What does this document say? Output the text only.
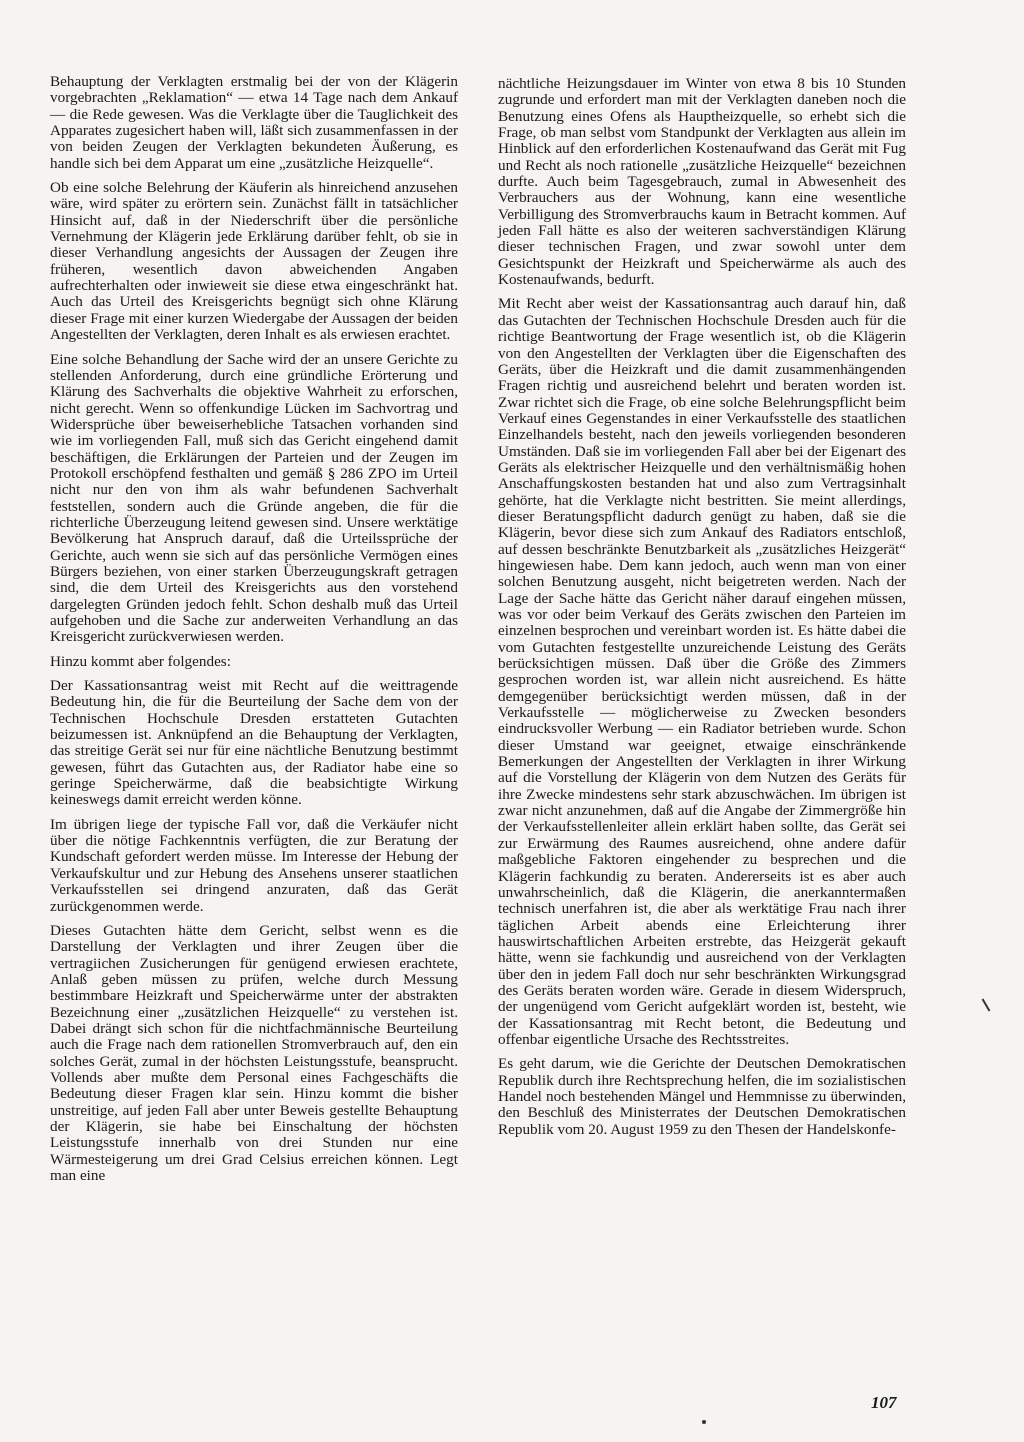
Behauptung der Verklagten erstmalig bei der von der Klägerin vorgebrachten „Reklamation“ — etwa 14 Tage nach dem Ankauf — die Rede gewesen. Was die Verklagte über die Tauglichkeit des Apparates zugesichert haben will, läßt sich zusammenfassen in der von beiden Zeugen der Verklagten bekundeten Äußerung, es handle sich bei dem Apparat um eine „zusätzliche Heizquelle“.

Ob eine solche Belehrung der Käuferin als hinreichend anzusehen wäre, wird später zu erörtern sein. Zunächst fällt in tatsächlicher Hinsicht auf, daß in der Niederschrift über die persönliche Vernehmung der Klägerin jede Erklärung darüber fehlt, ob sie in dieser Verhandlung angesichts der Aussagen der Zeugen ihre früheren, wesentlich davon abweichenden Angaben aufrechterhalten oder inwieweit sie diese etwa eingeschränkt hat. Auch das Urteil des Kreisgerichts begnügt sich ohne Klärung dieser Frage mit einer kurzen Wiedergabe der Aussagen der beiden Angestellten der Verklagten, deren Inhalt es als erwiesen erachtet.

Eine solche Behandlung der Sache wird der an unsere Gerichte zu stellenden Anforderung, durch eine gründliche Erörterung und Klärung des Sachverhalts die objektive Wahrheit zu erforschen, nicht gerecht. Wenn so offenkundige Lücken im Sachvortrag und Widersprüche über beweiserhebliche Tatsachen vorhanden sind wie im vorliegenden Fall, muß sich das Gericht eingehend damit beschäftigen, die Erklärungen der Parteien und der Zeugen im Protokoll erschöpfend festhalten und gemäß § 286 ZPO im Urteil nicht nur den von ihm als wahr befundenen Sachverhalt feststellen, sondern auch die Gründe angeben, die für die richterliche Überzeugung leitend gewesen sind. Unsere werktätige Bevölkerung hat Anspruch darauf, daß die Urteilssprüche der Gerichte, auch wenn sie sich auf das persönliche Vermögen eines Bürgers beziehen, von einer starken Überzeugungskraft getragen sind, die dem Urteil des Kreisgerichts aus den vorstehend dargelegten Gründen jedoch fehlt. Schon deshalb muß das Urteil aufgehoben und die Sache zur anderweiten Verhandlung an das Kreisgericht zurückverwiesen werden.

Hinzu kommt aber folgendes:

Der Kassationsantrag weist mit Recht auf die weittragende Bedeutung hin, die für die Beurteilung der Sache dem von der Technischen Hochschule Dresden erstatteten Gutachten beizumessen ist. Anknüpfend an die Behauptung der Verklagten, das streitige Gerät sei nur für eine nächtliche Benutzung bestimmt gewesen, führt das Gutachten aus, der Radiator habe eine so geringe Speicherwärme, daß die beabsichtigte Wirkung keineswegs damit erreicht werden könne.

Im übrigen liege der typische Fall vor, daß die Verkäufer nicht über die nötige Fachkenntnis verfügten, die zur Beratung der Kundschaft gefordert werden müsse. Im Interesse der Hebung der Verkaufskultur und zur Hebung des Ansehens unserer staatlichen Verkaufsstellen sei dringend anzuraten, daß das Gerät zurückgenommen werde.

Dieses Gutachten hätte dem Gericht, selbst wenn es die Darstellung der Verklagten und ihrer Zeugen über die vertragiichen Zusicherungen für genügend erwiesen erachtete, Anlaß geben müssen zu prüfen, welche durch Messung bestimmbare Heizkraft und Speicherwärme unter der abstrakten Bezeichnung einer „zusätzlichen Heizquelle“ zu verstehen ist. Dabei drängt sich schon für die nichtfachmännische Beurteilung auch die Frage nach dem rationellen Stromverbrauch auf, den ein solches Gerät, zumal in der höchsten Leistungsstufe, beansprucht. Vollends aber mußte dem Personal eines Fachgeschäfts die Bedeutung dieser Fragen klar sein. Hinzu kommt die bisher unstreitige, auf jeden Fall aber unter Beweis gestellte Behauptung der Klägerin, sie habe bei Einschaltung der höchsten Leistungsstufe innerhalb von drei Stunden nur eine Wärmesteigerung um drei Grad Celsius erreichen können. Legt man eine

nächtliche Heizungsdauer im Winter von etwa 8 bis 10 Stunden zugrunde und erfordert man mit der Verklagten daneben noch die Benutzung eines Ofens als Hauptheizquelle, so erhebt sich die Frage, ob man selbst vom Standpunkt der Verklagten aus allein im Hinblick auf den erforderlichen Kostenaufwand das Gerät mit Fug und Recht als noch rationelle „zusätzliche Heizquelle“ bezeichnen durfte. Auch beim Tagesgebrauch, zumal in Abwesenheit des Verbrauchers aus der Wohnung, kann eine wesentliche Verbilligung des Stromverbrauchs kaum in Betracht kommen. Auf jeden Fall hätte es also der weiteren sachverständigen Klärung dieser technischen Fragen, und zwar sowohl unter dem Gesichtspunkt der Heizkraft und Speicherwärme als auch des Kostenaufwands, bedurft.

Mit Recht aber weist der Kassationsantrag auch darauf hin, daß das Gutachten der Technischen Hochschule Dresden auch für die richtige Beantwortung der Frage wesentlich ist, ob die Klägerin von den Angestellten der Verklagten über die Eigenschaften des Geräts, über die Heizkraft und die damit zusammenhängenden Fragen richtig und ausreichend belehrt und beraten worden ist. Zwar richtet sich die Frage, ob eine solche Belehrungspflicht beim Verkauf eines Gegenstandes in einer Verkaufsstelle des staatlichen Einzelhandels besteht, nach den jeweils vorliegenden besonderen Umständen. Daß sie im vorliegenden Fall aber bei der Eigenart des Geräts als elektrischer Heizquelle und den verhältnismäßig hohen Anschaffungskosten bestanden hat und also zum Vertragsinhalt gehörte, hat die Verklagte nicht bestritten. Sie meint allerdings, dieser Beratungspflicht dadurch genügt zu haben, daß sie die Klägerin, bevor diese sich zum Ankauf des Radiators entschloß, auf dessen beschränkte Benutzbarkeit als „zusätzliches Heizgerät“ hingewiesen habe. Dem kann jedoch, auch wenn man von einer solchen Benutzung ausgeht, nicht beigetreten werden. Nach der Lage der Sache hätte das Gericht näher darauf eingehen müssen, was vor oder beim Verkauf des Geräts zwischen den Parteien im einzelnen besprochen und vereinbart worden ist. Es hätte dabei die vom Gutachten festgestellte unzureichende Leistung des Geräts berücksichtigen müssen. Daß über die Größe des Zimmers gesprochen worden ist, war allein nicht ausreichend. Es hätte demgegenüber berücksichtigt werden müssen, daß in der Verkaufsstelle — möglicherweise zu Zwecken besonders eindrucksvoller Werbung — ein Radiator betrieben wurde. Schon dieser Umstand war geeignet, etwaige einschränkende Bemerkungen der Angestellten der Verklagten in ihrer Wirkung auf die Vorstellung der Klägerin von dem Nutzen des Geräts für ihre Zwecke mindestens sehr stark abzuschwächen. Im übrigen ist zwar nicht anzunehmen, daß auf die Angabe der Zimmergröße hin der Verkaufsstellenleiter allein erklärt haben sollte, das Gerät sei zur Erwärmung des Raumes ausreichend, ohne andere dafür maßgebliche Faktoren eingehender zu besprechen und die Klägerin fachkundig zu beraten. Andererseits ist es aber auch unwahrscheinlich, daß die Klägerin, die anerkanntermaßen technisch unerfahren ist, die aber als werktätige Frau nach ihrer täglichen Arbeit abends eine Erleichterung ihrer hauswirtschaftlichen Arbeiten erstrebte, das Heizgerät gekauft hätte, wenn sie fachkundig und ausreichend von der Verklagten über den in jedem Fall doch nur sehr beschränkten Wirkungsgrad des Geräts beraten worden wäre. Gerade in diesem Widerspruch, der ungenügend vom Gericht aufgeklärt worden ist, besteht, wie der Kassationsantrag mit Recht betont, die Bedeutung und offenbar eigentliche Ursache des Rechtsstreites.

Es geht darum, wie die Gerichte der Deutschen Demokratischen Republik durch ihre Rechtsprechung helfen, die im sozialistischen Handel noch bestehenden Mängel und Hemmnisse zu überwinden, den Beschluß des Ministerrates der Deutschen Demokratischen Republik vom 20. August 1959 zu den Thesen der Handelskonfe-

107
